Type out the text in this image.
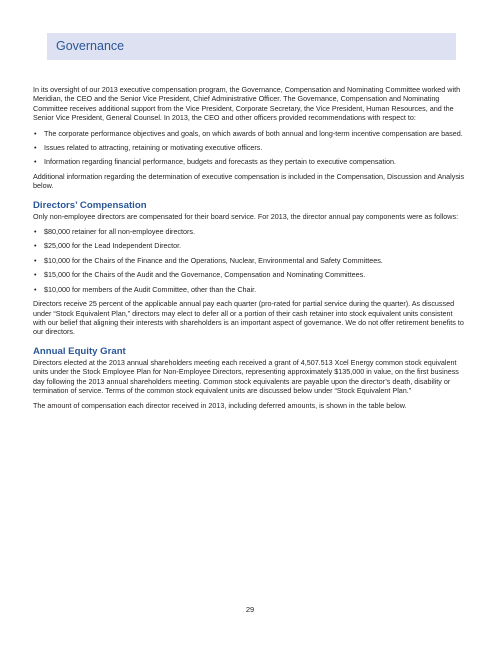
Governance

In its oversight of our 2013 executive compensation program, the Governance, Compensation and Nominating Committee worked with Meridian, the CEO and the Senior Vice President, Chief Administrative Officer. The Governance, Compensation and Nominating Committee receives additional support from the Vice President, Corporate Secretary, the Vice President, Human Resources, and the Senior Vice President, General Counsel. In 2013, the CEO and other officers provided recommendations with respect to:

• The corporate performance objectives and goals, on which awards of both annual and long-term incentive compensation are based.
• Issues related to attracting, retaining or motivating executive officers.
• Information regarding financial performance, budgets and forecasts as they pertain to executive compensation.

Additional information regarding the determination of executive compensation is included in the Compensation, Discussion and Analysis below.

Directors’ Compensation

Only non-employee directors are compensated for their board service. For 2013, the director annual pay components were as follows:

• $80,000 retainer for all non-employee directors.
• $25,000 for the Lead Independent Director.
• $10,000 for the Chairs of the Finance and the Operations, Nuclear, Environmental and Safety Committees.
• $15,000 for the Chairs of the Audit and the Governance, Compensation and Nominating Committees.
• $10,000 for members of the Audit Committee, other than the Chair.

Directors receive 25 percent of the applicable annual pay each quarter (pro-rated for partial service during the quarter). As discussed under “Stock Equivalent Plan,” directors may elect to defer all or a portion of their cash retainer into stock equivalent units consistent with our belief that aligning their interests with shareholders is an important aspect of governance. We do not offer retirement benefits to our directors.

Annual Equity Grant

Directors elected at the 2013 annual shareholders meeting each received a grant of 4,507.513 Xcel Energy common stock equivalent units under the Stock Employee Plan for Non-Employee Directors, representing approximately $135,000 in value, on the first business day following the 2013 annual shareholders meeting. Common stock equivalents are payable upon the director’s death, disability or termination of service. Terms of the common stock equivalent units are discussed below under “Stock Equivalent Plan.”

The amount of compensation each director received in 2013, including deferred amounts, is shown in the table below.

29
